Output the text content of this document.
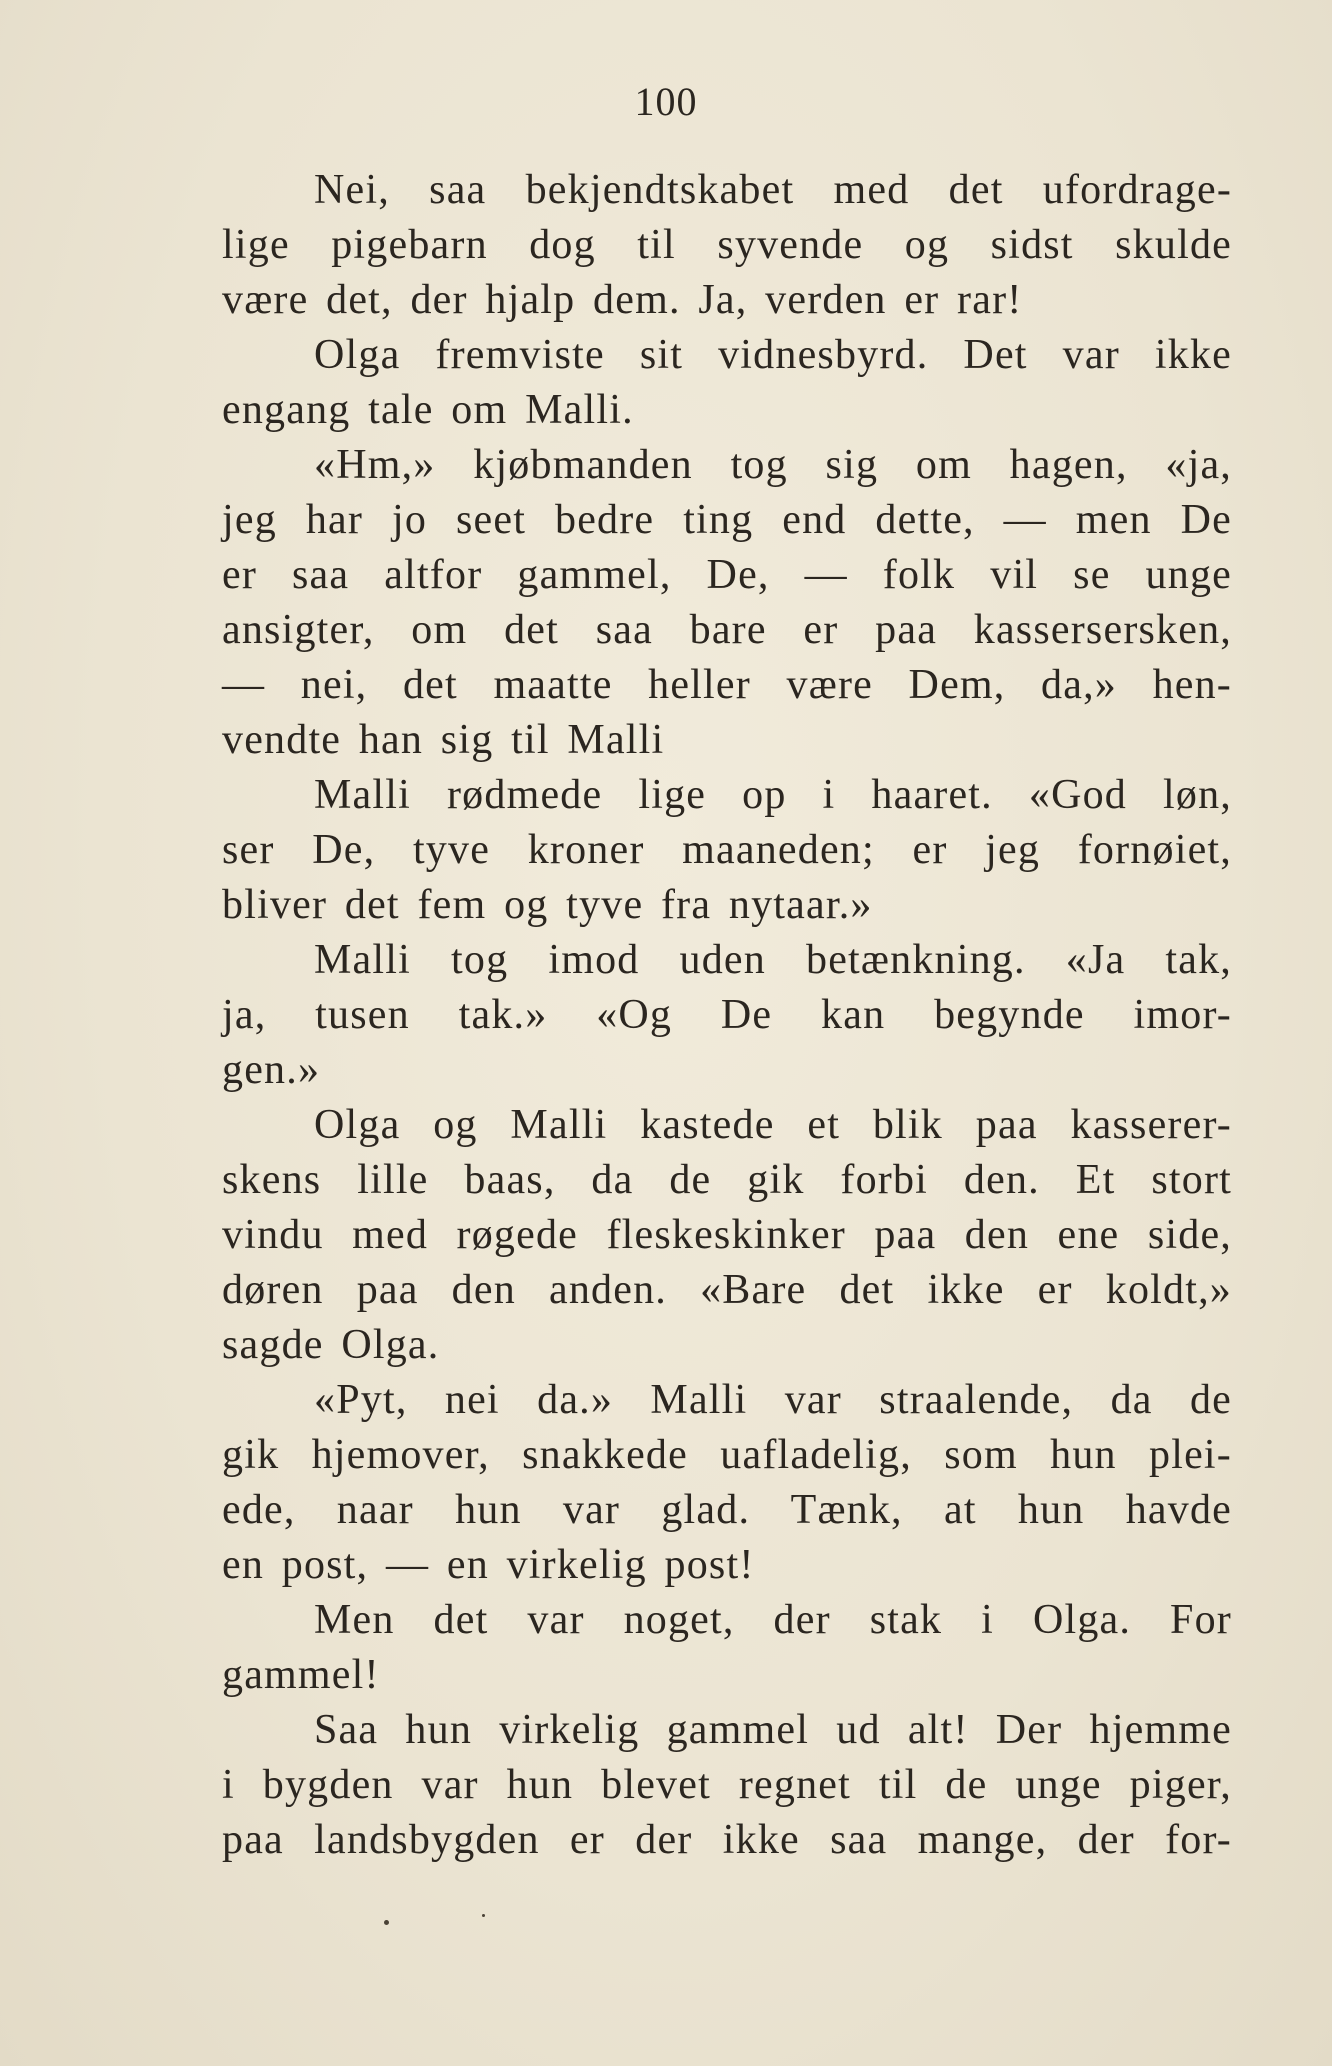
100
Nei, saa bekjendtskabet med det ufordrage-
lige pigebarn dog til syvende og sidst skulde
være det, der hjalp dem. Ja, verden er rar!
Olga fremviste sit vidnesbyrd. Det var ikke
engang tale om Malli.
«Hm,» kjøbmanden tog sig om hagen, «ja,
jeg har jo seet bedre ting end dette, — men De
er saa altfor gammel, De, — folk vil se unge
ansigter, om det saa bare er paa kassersersken,
— nei, det maatte heller være Dem, da,» hen-
vendte han sig til Malli
Malli rødmede lige op i haaret. «God løn,
ser De, tyve kroner maaneden; er jeg fornøiet,
bliver det fem og tyve fra nytaar.»
Malli tog imod uden betænkning. «Ja tak,
ja, tusen tak.» «Og De kan begynde imor-
gen.»
Olga og Malli kastede et blik paa kasserer-
skens lille baas, da de gik forbi den. Et stort
vindu med røgede fleskeskinker paa den ene side,
døren paa den anden. «Bare det ikke er koldt,»
sagde Olga.
«Pyt, nei da.» Malli var straalende, da de
gik hjemover, snakkede uafladelig, som hun plei-
ede, naar hun var glad. Tænk, at hun havde
en post, — en virkelig post!
Men det var noget, der stak i Olga. For
gammel!
Saa hun virkelig gammel ud alt! Der hjemme
i bygden var hun blevet regnet til de unge piger,
paa landsbygden er der ikke saa mange, der for-
